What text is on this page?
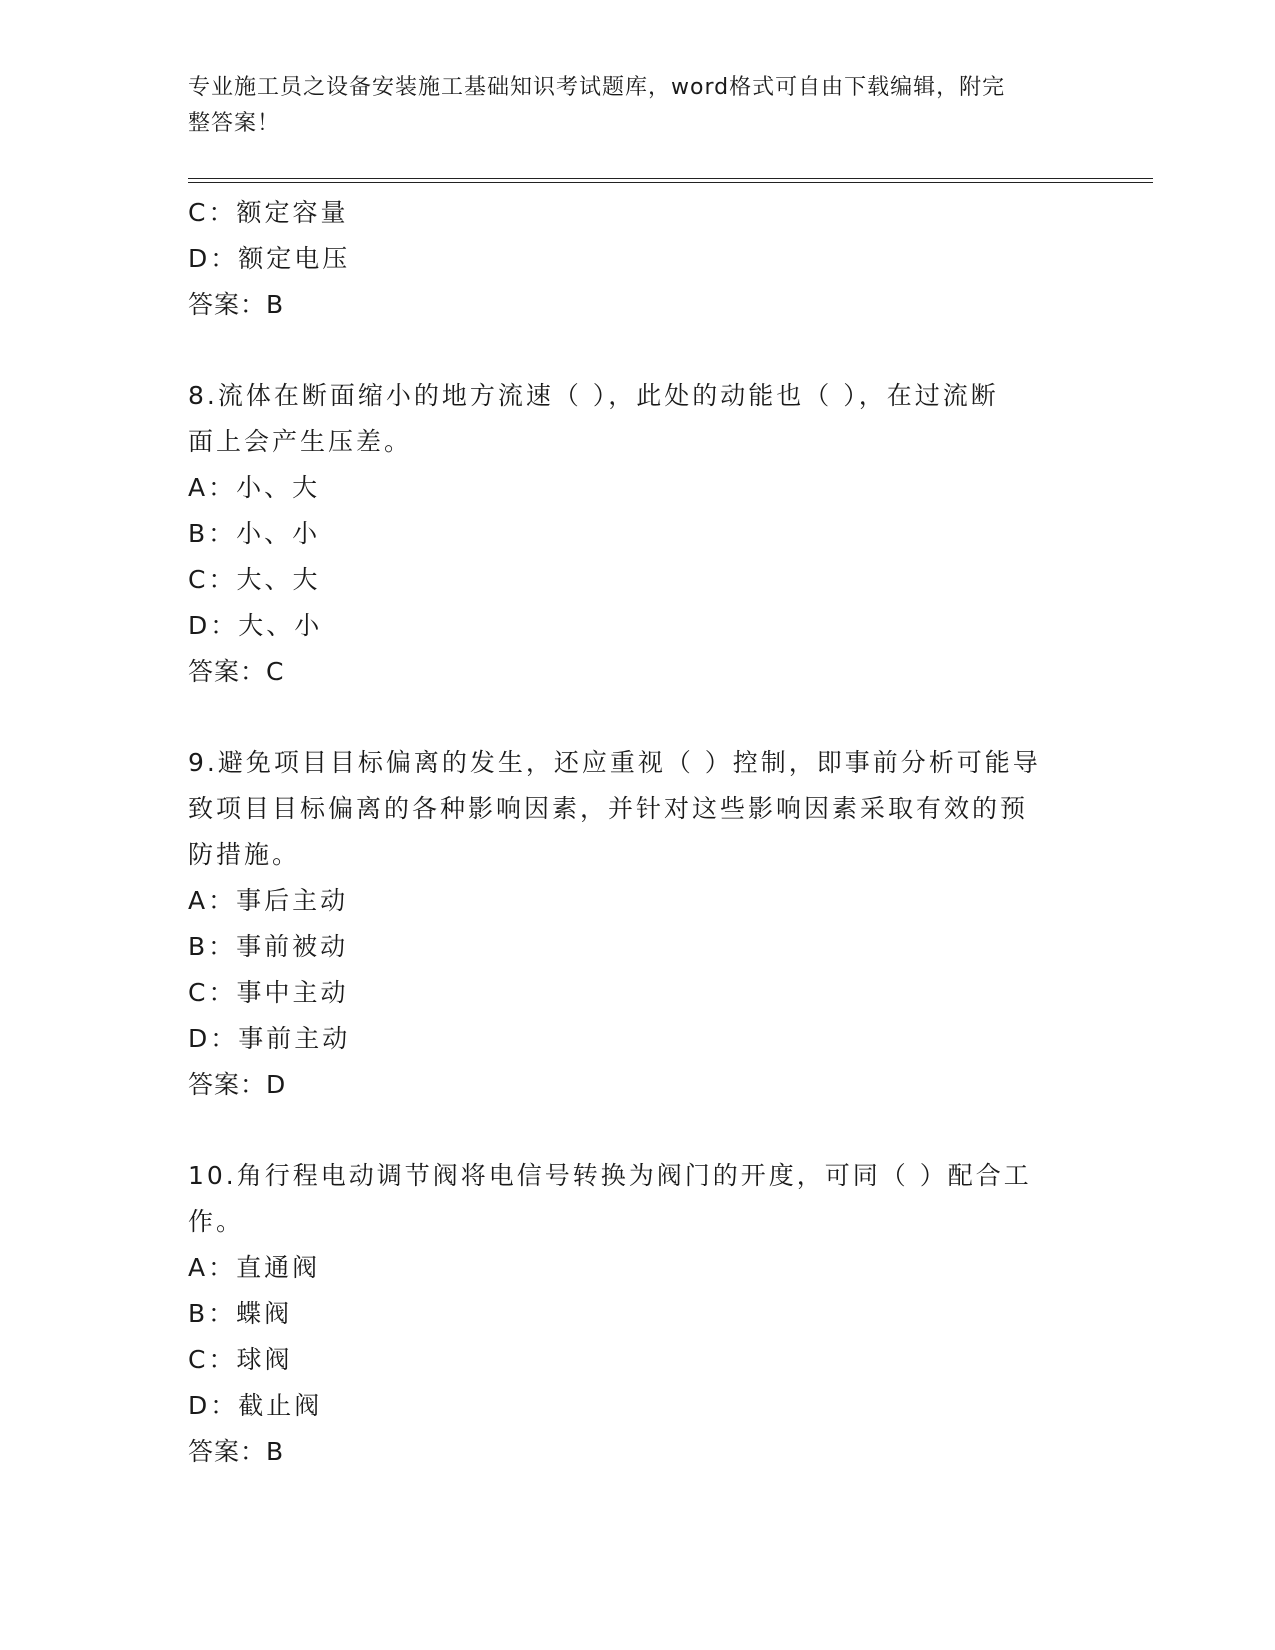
专业施工员之设备安装施工基础知识考试题库，word格式可自由下载编辑，附完
整答案！
C：额定容量
D：额定电压
答案：B
8.流体在断面缩小的地方流速（ ），此处的动能也（ ），在过流断
面上会产生压差。
A：小、大
B：小、小
C：大、大
D：大、小
答案：C
9.避免项目目标偏离的发生，还应重视（ ）控制，即事前分析可能导
致项目目标偏离的各种影响因素，并针对这些影响因素采取有效的预
防措施。
A：事后主动
B：事前被动
C：事中主动
D：事前主动
答案：D
10.角行程电动调节阀将电信号转换为阀门的开度，可同（ ）配合工
作。
A：直通阀
B：蝶阀
C：球阀
D：截止阀
答案：B
